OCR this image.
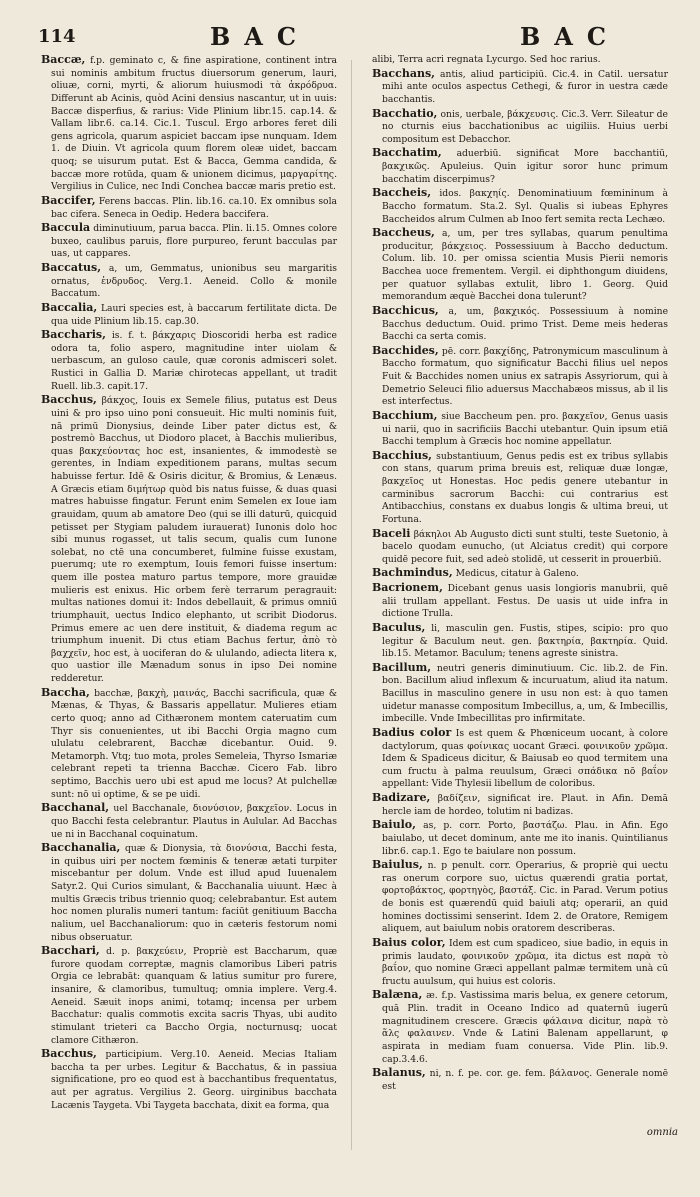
114	BAC	BAC

Baccæ, f.p. geminato c, & fine aspiratione, continent intra sui nominis ambitum fructus diuersorum generum, lauri, oliuæ, corni, myrti, & aliorum huiusmodi τὰ ἀκρόδρυα. Differunt ab Acinis, quòd Acini densius nascantur, ut in uuis: Baccæ disperfius, & rarius: Vide Plinium libr.15. cap.14. & Vallam libr.6. ca.14. Cic.1. Tuscul. Ergo arbores feret dili gens agricola, quarum aspiciet baccam ipse nunquam. Idem 1. de Diuin. Vt agricola quum florem oleæ uidet, baccam quoq; se uisurum putat. Est & Bacca, Gemma candida, & baccæ more rotūda, quam & unionem dicimus, μαργαρίτης. Vergilius in Culice, nec Indi Conchea baccæ maris pretio est.

Baccifer, Ferens baccas. Plin. lib.16. ca.10. Ex omnibus sola bac cifera. Seneca in Oedip. Hedera baccifera.

Baccula diminutiuum, parua bacca. Plin. li.15. Omnes colore buxeo, caulibus paruis, flore purpureo, ferunt bacculas par uas, ut cappares.

Baccatus, a, um, Gemmatus, unionibus seu margaritis ornatus, ἐνδρυδος. Verg.1. Aeneid. Collo & monile Baccatum.

Baccalia, Lauri species est, à baccarum fertilitate dicta. De qua uide Plinium lib.15. cap.30.

Baccharis, is. f. t. βάκχαρις Dioscoridi herba est radice odora ta, folio aspero, magnitudine inter uiolam & uerbascum, an guloso caule, quæ coronis admisceri solet. Rustici in Gallia D. Mariæ chirotecas appellant, ut tradit Ruell. lib.3. capit.17.

Bacchus, βάκχος, Iouis ex Semele filius, putatus est Deus uini & pro ipso uino poni consueuit. Hic multi nominis fuit, nā primū Dionysius, deinde Liber pater dictus est, & postremò Bacchus, ut Diodoro placet, à Bacchis mulieribus, quas βακχεύοντας hoc est, insanientes, & immodestè se gerentes, in Indiam expeditionem parans, multas secum habuisse fertur. Idē & Osiris dicitur, & Bromius, & Lenæus. A Græcis etiam διμήτωρ quòd bis natus fuisse, & duas quasi matres habuisse fingatur. Ferunt enim Semelen ex Ioue iam grauidam, quum ab amatore Deo (qui se illi daturū, quicquid petisset per Stygiam paludem iurauerat) Iunonis dolo hoc sibi munus rogasset, ut talis secum, qualis cum Iunone solebat, no ctē una concumberet, fulmine fuisse exustam, puerumq; ute ro exemptum, Iouis femori fuisse insertum: quem ille postea maturo partus tempore, more grauidæ mulieris est enixus. Hic orbem ferè terrarum peragrauit: multas nationes domui it: Indos debellauit, & primus omniū triumphauit, uectus Indico elephanto, ut scribit Diodorus. Primus emere ac uen dere instituit, & diadema regum ac triumphum inuenit. Di ctus etiam Bachus fertur, ἀπὸ τὸ βαχχεῖν, hoc est, à uociferan do & ululando, adiecta litera κ, quo uastior ille Mænadum sonus in ipso Dei nomine redderetur.

Baccha, bacchæ, βακχὴ, μαινάς, Bacchi sacrificula, quæ & Mænas, & Thyas, & Bassaris appellatur. Mulieres etiam certo quoq; anno ad Cithæronem montem cateruatim cum Thyr sis conuenientes, ut ibi Bacchi Orgia magno cum ululatu celebrarent, Bacchæ dicebantur. Ouid. 9. Metamorph. Vtq; tuo mota, proles Semeleia, Thyrso Ismariæ celebrant repeti ta trienna Bacchæ. Cicero Fab. libro septimo, Bacchis uero ubi est apud me locus? At pulchellæ sunt: nō ui optime, & se pe uidi.

Bacchanal, uel Bacchanale, διονύσιον, βακχεῖον. Locus in quo Bacchi festa celebrantur. Plautus in Aulular. Ad Bacchas ue ni in Bacchanal coquinatum.

Bacchanalia, quæ & Dionysia, τὰ διονύσια, Bacchi festa, in quibus uiri per noctem fœminis & teneræ ætati turpiter miscebantur per dolum. Vnde est illud apud Iuuenalem Satyr.2. Qui Curios simulant, & Bacchanalia uiuunt. Hæc à multis Græcis tribus triennio quoq; celebrabantur. Est autem hoc nomen pluralis numeri tantum: faciūt genitiuum Baccha nalium, uel Bacchanaliorum: quo in cæteris festorum nomi nibus obseruatur.

Bacchari, d. p. βακχεύειν, Propriè est Baccharum, quæ furore quodam correptæ, magnis clamoribus Liberi patris Orgia ce lebrabāt: quanquam & latius sumitur pro furere, insanire, & clamoribus, tumultuq; omnia implere. Verg.4. Aeneid. Sæuit inops animi, totamq; incensa per urbem Bacchatur: qualis commotis excita sacris Thyas, ubi audito stimulant trieteri ca Baccho Orgia, nocturnusq; uocat clamore Cithæron.

Bacchus, participium. Verg.10. Aeneid. Mecias Italiam baccha ta per urbes. Legitur & Bacchatus, & in passiua significatione, pro eo quod est à bacchantibus frequentatus, aut per agratus. Vergilius 2. Georg. uirginibus bacchata Lacænis Taygeta. Vbi Taygeta bacchata, dixit ea forma, qua

alibi, Terra acri regnata Lycurgo. Sed hoc rarius.

Bacchans, antis, aliud participiū. Cic.4. in Catil. uersatur mihi ante oculos aspectus Cethegi, & furor in uestra cæde bacchantis.

Bacchatio, onis, uerbale, βάκχευσις. Cic.3. Verr. Sileatur de no cturnis eius bacchationibus ac uigiliis. Huius uerbi compositum est Debacchor.

Bacchatim, aduerbiū. significat More bacchantiū, βακχικῶς. Apuleius. Quin igitur soror hunc primum bacchatim discerpimus?

Baccheis, idos. βακχηίς. Denominatiuum fœmininum à Baccho formatum. Sta.2. Syl. Qualis si iubeas Ephyres Baccheidos alrum Culmen ab Inoo fert semita recta Lechæo.

Baccheus, a, um, per tres syllabas, quarum penultima producitur, βάκχειος. Possessiuum à Baccho deductum. Colum. lib. 10. per omissa scientia Musis Pierii nemoris Bacchea uoce frementem. Vergil. ei diphthongum diuidens, per quatuor syllabas extulit, libro 1. Georg. Quid memorandum æquè Bacchei dona tulerunt?

Bacchicus, a, um, βακχικός. Possessiuum à nomine Bacchus deductum. Ouid. primo Trist. Deme meis hederas Bacchi ca serta comis.

Bacchides, pē. corr. βακχίδης, Patronymicum masculinum à Baccho formatum, quo significatur Bacchi filius uel nepos Fuit & Bacchides nomen unius ex satrapis Assyriorum, qui à Demetrio Seleuci filio aduersus Macchabæos missus, ab il lis est interfectus.

Bacchium, siue Baccheum pen. pro. βακχεῖον, Genus uasis ui narii, quo in sacrificiis Bacchi utebantur. Quin ipsum etiā Bacchi templum à Græcis hoc nomine appellatur.

Bacchius, substantiuum, Genus pedis est ex tribus syllabis con stans, quarum prima breuis est, reliquæ duæ longæ, βακχεῖος ut Honestas. Hoc pedis genere utebantur in carminibus sacrorum Bacchi: cui contrarius est Antibacchius, constans ex duabus longis & ultima breui, ut Fortuna.

Baceli βάκηλοι Ab Augusto dicti sunt stulti, teste Suetonio, à bacelo quodam eunucho, (ut Alciatus credit) qui corpore quidē pecore fuit, sed adeò stolidē, ut cesserit in prouerbiū.

Bachmindus, Medicus, citatur à Galeno.

Bacrionem, Dicebant genus uasis longioris manubrii, quē alii trullam appellant. Festus. De uasis ut uide infra in dictione Trulla.

Baculus, li, masculin gen. Fustis, stipes, scipio: pro quo legitur & Baculum neut. gen. βακτηρία, βακτηρία. Quid. lib.15. Metamor. Baculum; tenens agreste sinistra.

Bacillum, neutri generis diminutiuum. Cic. lib.2. de Fin. bon. Bacillum aliud inflexum & incuruatum, aliud ita natum. Bacillus in masculino genere in usu non est: à quo tamen uidetur manasse compositum Imbecillus, a, um, & Imbecillis, imbecille. Vnde Imbecillitas pro infirmitate.

Badius color Is est quem & Phœniceum uocant, à colore dactylorum, quas φοίνικας uocant Græci. φοινικοῦν χρῶμα. Idem & Spadiceus dicitur, & Baiusab eo quod termitem una cum fructu à palma reuulsum, Græci σπάδικα nō βαΐον appellant: Vide Thylesii libellum de coloribus.

Badizare, βαδίζειν, significat ire. Plaut. in Afin. Demā hercle iam de hordeo, tolutim ni badizas.

Baiulo, as, p. corr. Porto, βαστάζω. Plau. in Afin. Ego baiulabo, ut decet dominum, ante me ito inanis. Quintilianus libr.6. cap.1. Ego te baiulare non possum.

Baiulus, n. p penult. corr. Operarius, & propriè qui uectu ras onerum corpore suo, uictus quærendi gratia portat, φορτοβάκτος, φορτηγὸς, βαστάξ. Cic. in Parad. Verum potius de bonis est quærendū quid baiuli atq; operarii, an quid homines doctissimi senserint. Idem 2. de Oratore, Remigem aliquem, aut baiulum nobis oratorem describeras.

Baius color, Idem est cum spadiceo, siue badio, in equis in primis laudato, φοινικοῦν χρῶμα, ita dictus est παρὰ τὸ βαΐον, quo nomine Græci appellant palmæ termitem unà cū fructu auulsum, qui huius est coloris.

Balæna, æ. f.p. Vastissima maris belua, ex genere cetorum, quā Plin. tradit in Oceano Indico ad quaternū iugerū magnitudinem crescere. Græcis φάλαινα dicitur, παρὰ τὸ ἅλς φαλαινεν. Vnde & Latini Balenam appellarunt, φ aspirata in mediam fuam conuersa. Vide Plin. lib.9. cap.3.4.6.

Balanus, ni, n. f. pe. cor. ge. fem. βάλανος. Generale nomē est

omnia
